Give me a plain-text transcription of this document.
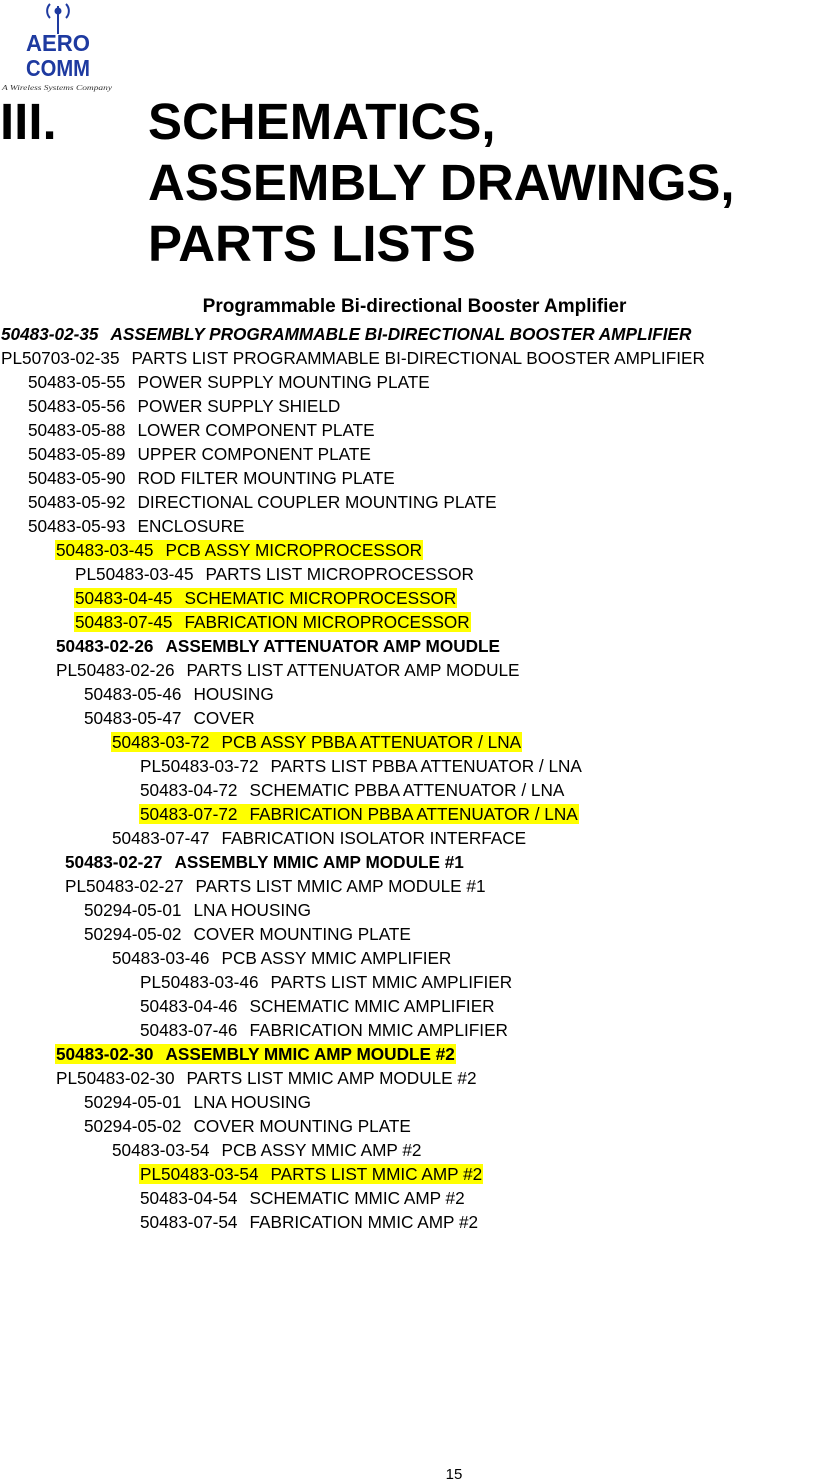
AERO
COMM
A Wireless Systems Company
III. SCHEMATICS,
ASSEMBLY DRAWINGS,
PARTS LISTS
Programmable Bi-directional Booster Amplifier
50483-02-35 ASSEMBLY PROGRAMMABLE BI-DIRECTIONAL BOOSTER AMPLIFIER
PL50703-02-35 PARTS LIST PROGRAMMABLE BI-DIRECTIONAL BOOSTER AMPLIFIER
50483-05-55 POWER SUPPLY MOUNTING PLATE
50483-05-56 POWER SUPPLY SHIELD
50483-05-88 LOWER COMPONENT PLATE
50483-05-89 UPPER COMPONENT PLATE
50483-05-90 ROD FILTER MOUNTING PLATE
50483-05-92 DIRECTIONAL COUPLER MOUNTING PLATE
50483-05-93 ENCLOSURE
50483-03-45 PCB ASSY MICROPROCESSOR
PL50483-03-45 PARTS LIST MICROPROCESSOR
50483-04-45 SCHEMATIC MICROPROCESSOR
50483-07-45 FABRICATION MICROPROCESSOR
50483-02-26 ASSEMBLY ATTENUATOR AMP MOUDLE
PL50483-02-26 PARTS LIST ATTENUATOR AMP MODULE
50483-05-46 HOUSING
50483-05-47 COVER
50483-03-72 PCB ASSY PBBA ATTENUATOR / LNA
PL50483-03-72 PARTS LIST PBBA ATTENUATOR / LNA
50483-04-72 SCHEMATIC PBBA ATTENUATOR / LNA
50483-07-72 FABRICATION PBBA ATTENUATOR / LNA
50483-07-47 FABRICATION ISOLATOR INTERFACE
50483-02-27 ASSEMBLY MMIC AMP MODULE #1
PL50483-02-27 PARTS LIST MMIC AMP MODULE #1
50294-05-01 LNA HOUSING
50294-05-02 COVER MOUNTING PLATE
50483-03-46 PCB ASSY MMIC AMPLIFIER
PL50483-03-46 PARTS LIST MMIC AMPLIFIER
50483-04-46 SCHEMATIC MMIC AMPLIFIER
50483-07-46 FABRICATION MMIC AMPLIFIER
50483-02-30 ASSEMBLY MMIC AMP MOUDLE #2
PL50483-02-30 PARTS LIST MMIC AMP MODULE #2
50294-05-01 LNA HOUSING
50294-05-02 COVER MOUNTING PLATE
50483-03-54 PCB ASSY MMIC AMP #2
PL50483-03-54 PARTS LIST MMIC AMP #2
50483-04-54 SCHEMATIC MMIC AMP #2
50483-07-54 FABRICATION MMIC AMP #2
15
